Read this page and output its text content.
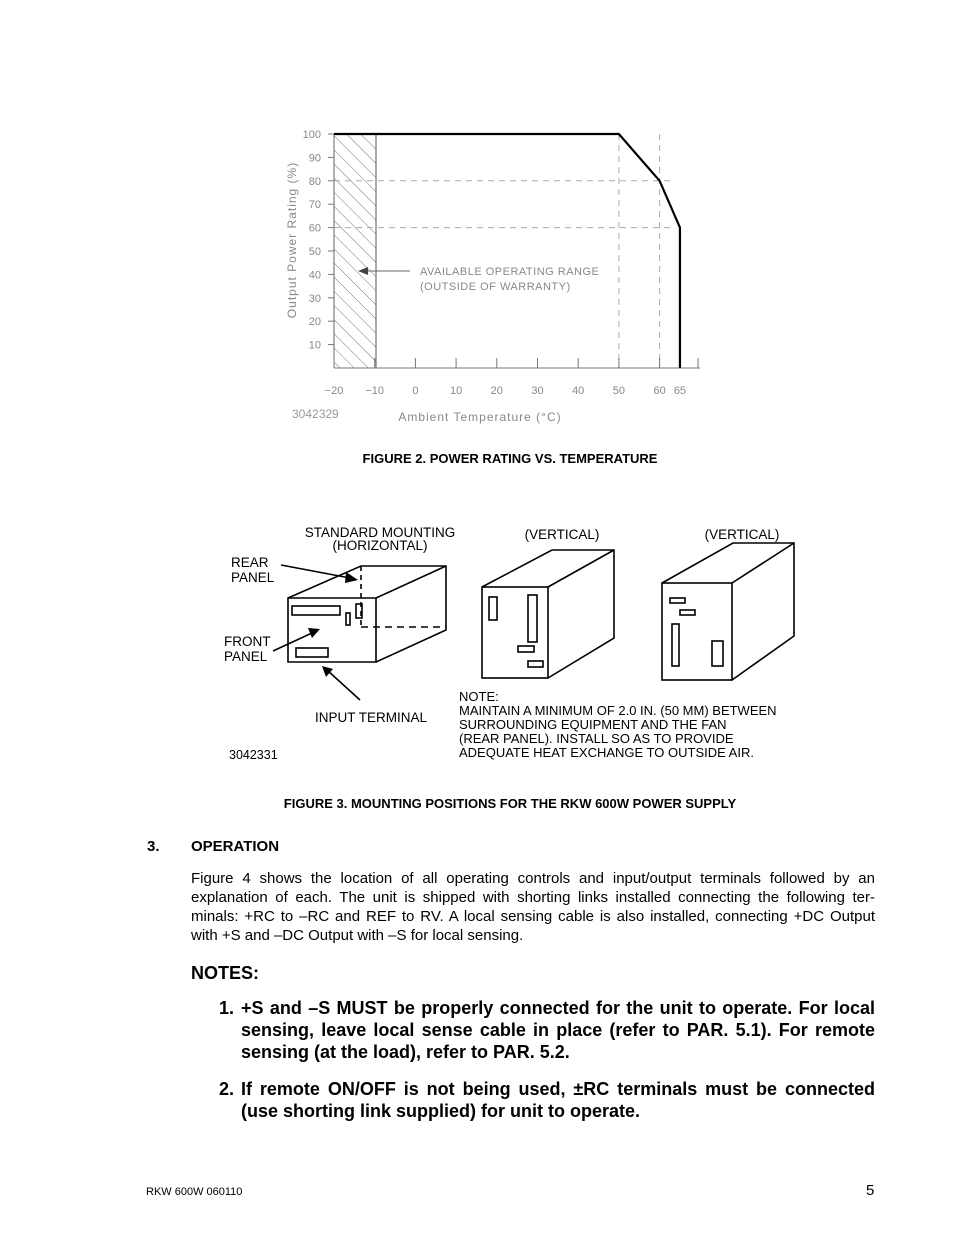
100
90
80
70
60
50
40
30
20
10
−20 −10	0	10	20	30	40	50	60 65
AVAILABLE OPERATING RANGE
(OUTSIDE OF WARRANTY)
Output Power Rating (%)
Ambient Temperature (°C)
3042329
FIGURE 2. POWER RATING VS. TEMPERATURE
STANDARD MOUNTING
(HORIZONTAL)
(VERTICAL)	(VERTICAL)
REAR
PANEL
FRONT
PANEL
INPUT TERMINAL
NOTE:
MAINTAIN A MINIMUM OF 2.0 IN. (50 MM) BETWEEN
SURROUNDING EQUIPMENT AND THE FAN
(REAR PANEL). INSTALL SO AS TO PROVIDE
ADEQUATE HEAT EXCHANGE TO OUTSIDE AIR.
3042331
FIGURE 3. MOUNTING POSITIONS FOR THE RKW 600W POWER SUPPLY
3. OPERATION
Figure 4 shows the location of all operating controls and input/output terminals followed by an explanation of each. The unit is shipped with shorting links installed connecting the following ter- minals: +RC to –RC and REF to RV. A local sensing cable is also installed, connecting +DC Output with +S and –DC Output with –S for local sensing.
NOTES:
1. +S and –S MUST be properly connected for the unit to operate. For local sensing, leave local sense cable in place (refer to PAR. 5.1). For remote sensing (at the load), refer to PAR. 5.2.
2. If remote ON/OFF is not being used, ±RC terminals must be connected (use shorting link supplied) for unit to operate.
RKW 600W 060110	5
